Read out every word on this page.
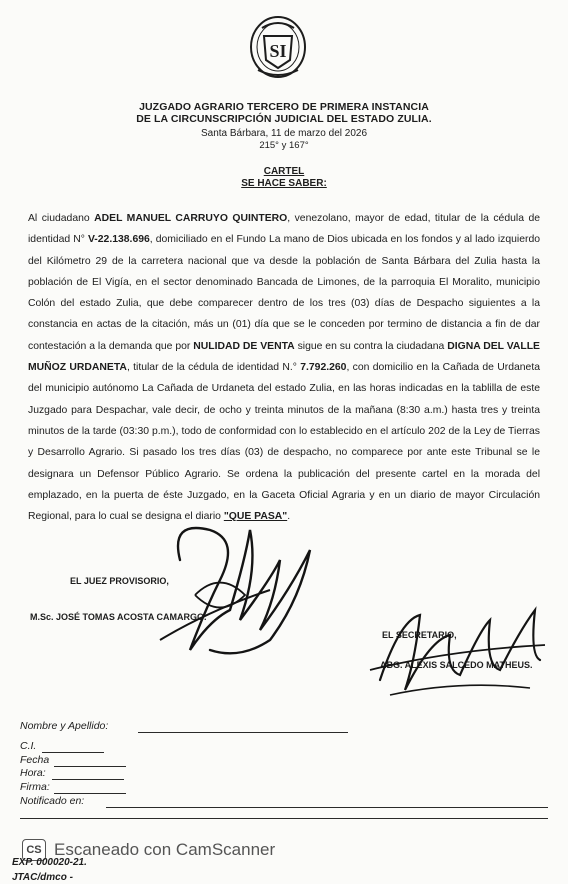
SI
JUZGADO AGRARIO TERCERO DE PRIMERA INSTANCIA
DE LA CIRCUNSCRIPCIÓN JUDICIAL DEL ESTADO ZULIA.
Santa Bárbara, 11 de marzo del 2026
215° y 167°
CARTEL
SE HACE SABER:

Al ciudadano ADEL MANUEL CARRUYO QUINTERO, venezolano, mayor de edad, titular de la cédula de identidad N° V-22.138.696, domiciliado en el Fundo La mano de Dios ubicada en los fondos y al lado izquierdo del Kilómetro 29 de la carretera nacional que va desde la población de Santa Bárbara del Zulia hasta la población de El Vigía, en el sector denominado Bancada de Limones, de la parroquia El Moralito, municipio Colón del estado Zulia, que debe comparecer dentro de los tres (03) días de Despacho siguientes a la constancia en actas de la citación, más un (01) día que se le conceden por termino de distancia a fin de dar contestación a la demanda que por NULIDAD DE VENTA sigue en su contra la ciudadana DIGNA DEL VALLE MUÑOZ URDANETA, titular de la cédula de identidad N.° 7.792.260, con domicilio en la Cañada de Urdaneta del municipio autónomo La Cañada de Urdaneta del estado Zulia, en las horas indicadas en la tablilla de este Juzgado para Despachar, vale decir, de ocho y treinta minutos de la mañana (8:30 a.m.) hasta tres y treinta minutos de la tarde (03:30 p.m.), todo de conformidad con lo establecido en el artículo 202 de la Ley de Tierras y Desarrollo Agrario. Si pasado los tres días (03) de despacho, no comparece por ante este Tribunal se le designara un Defensor Público Agrario. Se ordena la publicación del presente cartel en la morada del emplazado, en la puerta de éste Juzgado, en la Gaceta Oficial Agraria y en un diario de mayor Circulación Regional, para lo cual se designa el diario "QUE PASA".

EL JUEZ PROVISORIO,
M.Sc. JOSÉ TOMAS ACOSTA CAMARGO.
EL SECRETARIO,
ABG. ALEXIS SALCEDO MATHEUS.
Nombre y Apellido:
C.I.
Fecha
Hora:
Firma:
Notificado en:
CS Escaneado con CamScanner
EXP. 000020-21.
JTAC/dmco -
